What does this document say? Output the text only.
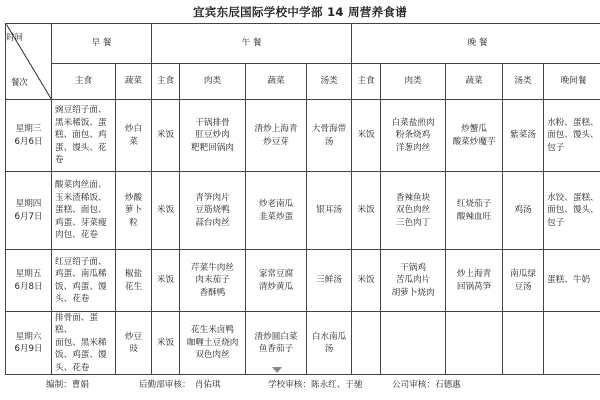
宜宾东辰国际学校中学部 14 周营养食谱
时间
餐次	早 餐		午 餐				晚 餐				
	主食	蔬菜	主食	肉类	蔬菜	汤类	主食	肉类	蔬菜	汤类	晚间餐
星期三
6月6日	豌豆绍子面、
黑米稀饭、蛋
糕、面包、鸡
蛋、馒头、花
卷	炒白
菜	米饭	干锅排骨
肛豆炒肉
粑粑回锅肉	清炒上海青
炒豆芽	大骨海带
汤	米饭	白菜盐煎肉
粉条烧鸡
洋葱肉丝	炒蟹瓜
酸菜炒魔芋	紫菜汤	水粉、蛋糕、
面包、馒头、
包子
星期四
6月7日	酸菜肉丝面、
玉米渣稀饭、
蛋糕、面包、
鸡蛋、芽菜瘦
肉包、花卷	炒酸
萝卜
粒	米饭	青笋肉片
豆筋烧鸭
蒜台肉丝	炒老南瓜
韭菜炒蛋	银耳汤	米饭	香辣鱼块
双色肉丝
三色肉丁	红烧茄子
酸辣血旺	鸡汤	水饺、蛋糕、
面包、馒头、
包子
星期五
6月8日	红豆绍子面、
鸡蛋、南瓜稀
饭、鸡蛋、馒
头、花卷	椒盐
花生	米饭	芹菜牛肉丝
肉末茄子
香酥鸭	家常豆腐
清炒黄瓜	三鲜汤	米饭	干锅鸡
苦瓜肉片
胡萝卜烧肉	炒上海青
回锅莴笋	南瓜绿
豆汤	蛋糕、牛奶
星期六
6月9日	排骨面、蛋糕、
面包、黑米稀
饭、鸡蛋、馒
头、花卷	炒豆
豉	米饭	花生米卤鸭
咖喱土豆烧肉
双色肉丝	清炒圆白菜
鱼香茄子	白水南瓜
汤					
编制：曹娟	后勤部审核：　肖佑琪	学校审核：陈永红、于驰	公司审核：石德惠
